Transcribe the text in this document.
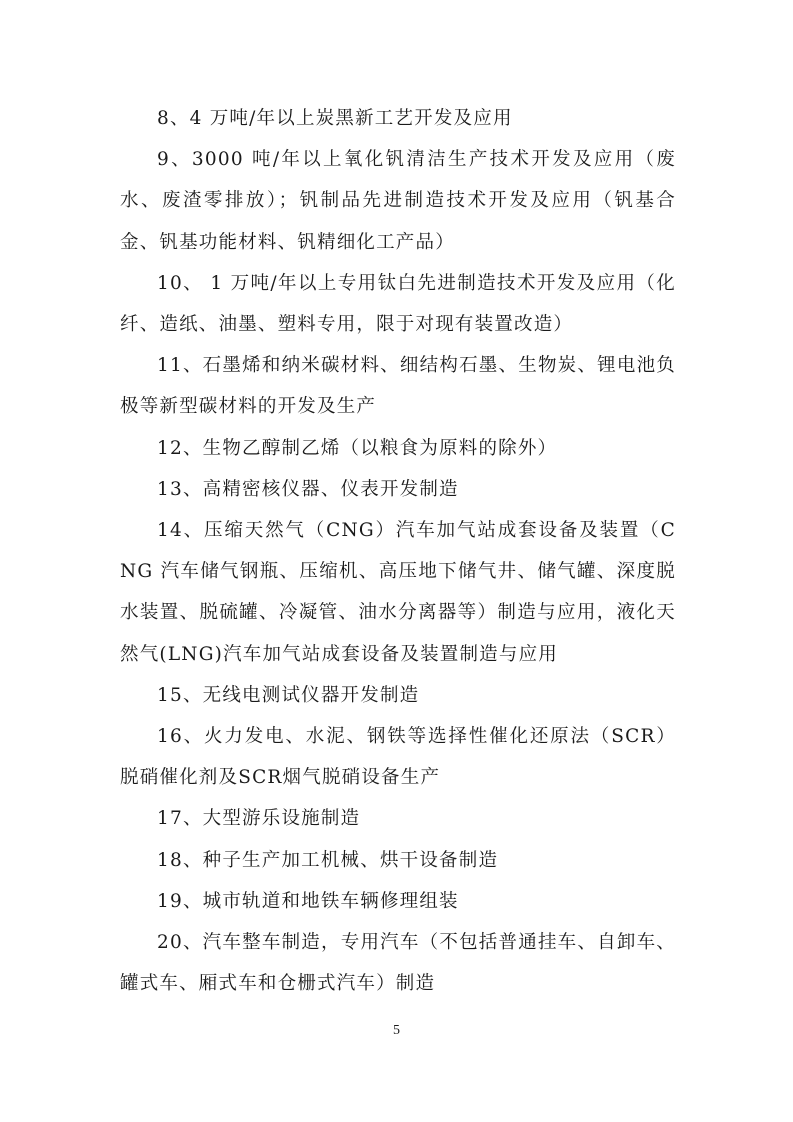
8、4 万吨/年以上炭黑新工艺开发及应用

9、3000 吨/年以上氧化钒清洁生产技术开发及应用（废水、废渣零排放）；钒制品先进制造技术开发及应用（钒基合金、钒基功能材料、钒精细化工产品）

10、 1 万吨/年以上专用钛白先进制造技术开发及应用（化纤、造纸、油墨、塑料专用，限于对现有装置改造）

11、石墨烯和纳米碳材料、细结构石墨、生物炭、锂电池负极等新型碳材料的开发及生产

12、生物乙醇制乙烯（以粮食为原料的除外）

13、高精密核仪器、仪表开发制造

14、压缩天然气（CNG）汽车加气站成套设备及装置（CNG 汽车储气钢瓶、压缩机、高压地下储气井、储气罐、深度脱水装置、脱硫罐、冷凝管、油水分离器等）制造与应用，液化天然气(LNG)汽车加气站成套设备及装置制造与应用

15、无线电测试仪器开发制造

16、火力发电、水泥、钢铁等选择性催化还原法（SCR）脱硝催化剂及SCR烟气脱硝设备生产

17、大型游乐设施制造

18、种子生产加工机械、烘干设备制造

19、城市轨道和地铁车辆修理组装

20、汽车整车制造，专用汽车（不包括普通挂车、自卸车、罐式车、厢式车和仓栅式汽车）制造

5
